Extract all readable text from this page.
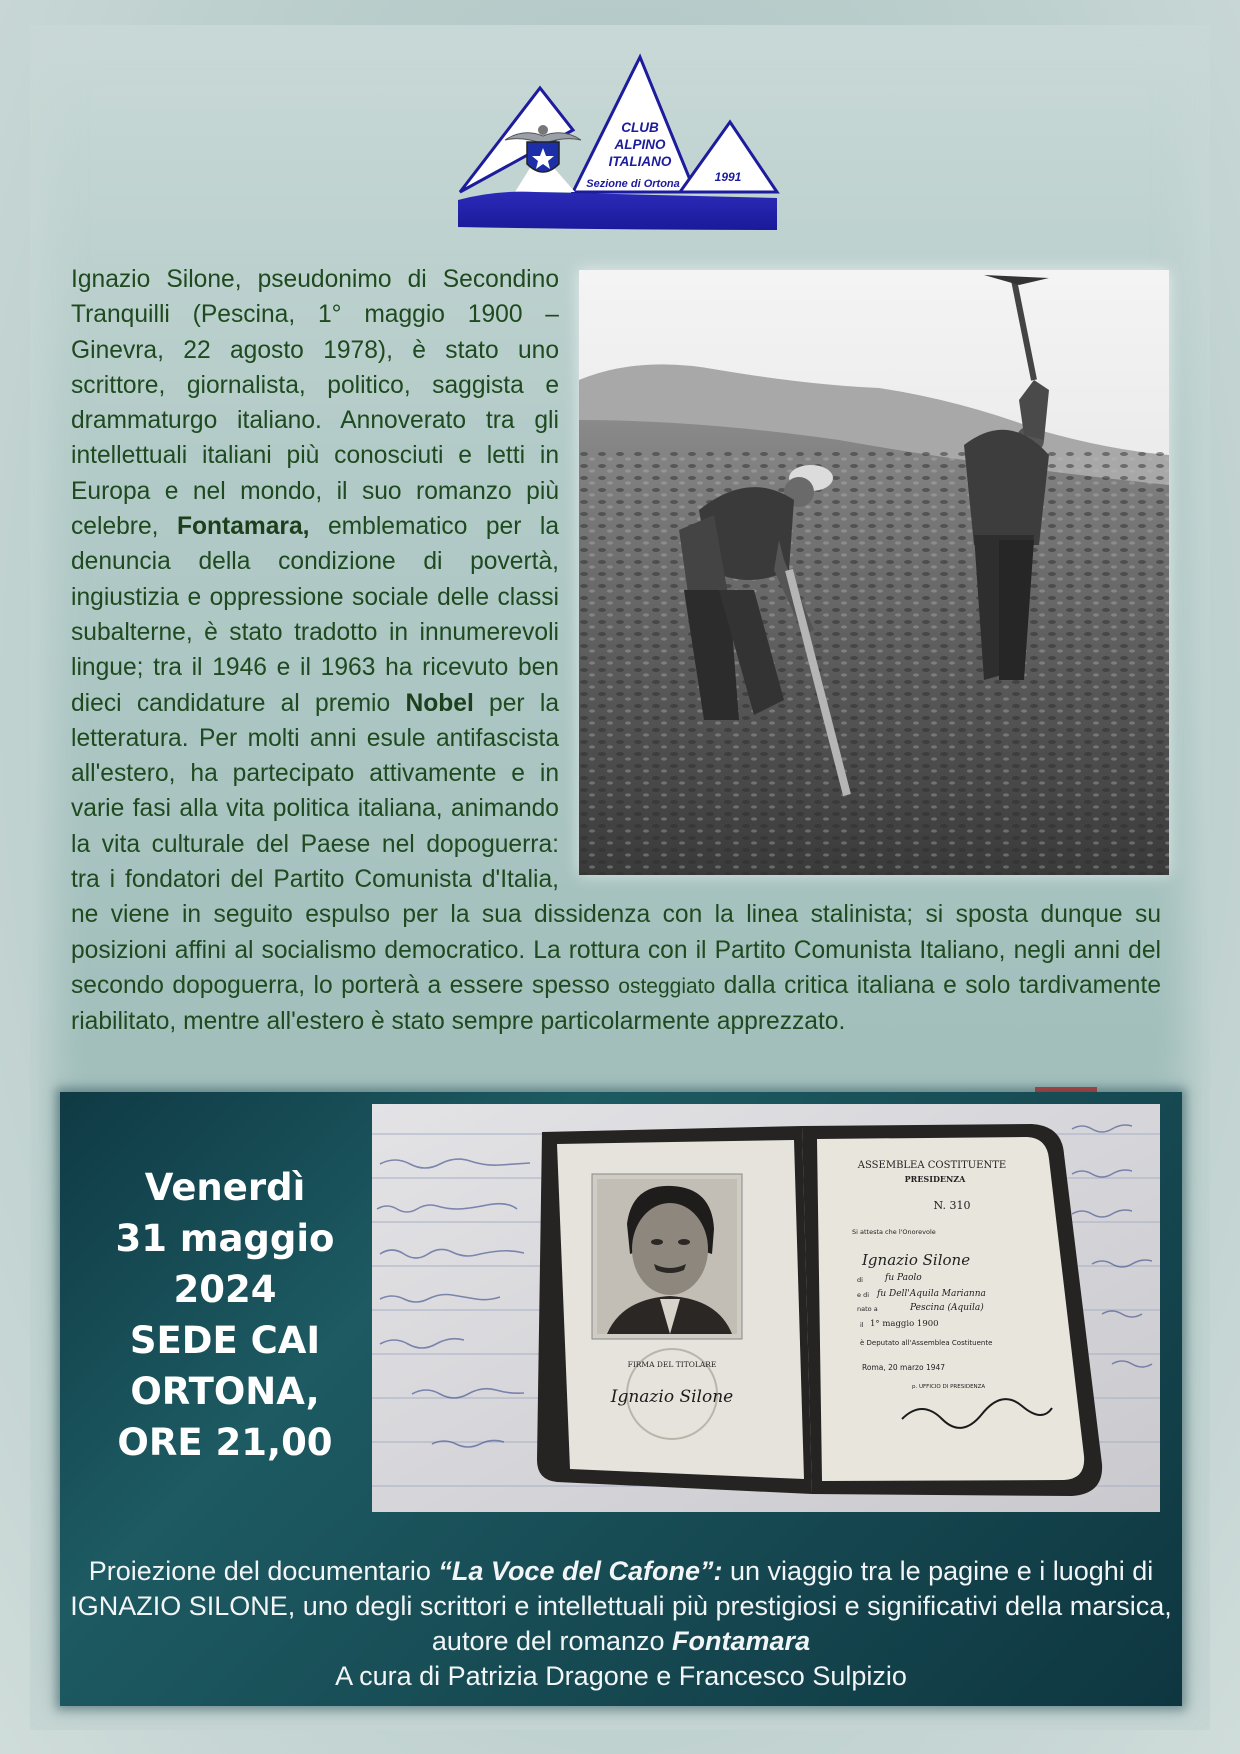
CLUB
ALPINO
ITALIANO
Sezione di Ortona	1991

Ignazio Silone, pseudonimo di Secondino Tranquilli (Pescina, 1° maggio 1900 – Ginevra, 22 agosto 1978), è stato uno scrittore, giornalista, politico, saggista e drammaturgo italiano. Annoverato tra gli intellettuali italiani più conosciuti e letti in Europa e nel mondo, il suo romanzo più celebre, Fontamara, emblematico per la denuncia della condizione di povertà, ingiustizia e oppressione sociale delle classi subalterne, è stato tradotto in innumerevoli lingue; tra il 1946 e il 1963 ha ricevuto ben dieci candidature al premio Nobel per la letteratura. Per molti anni esule antifascista all'estero, ha partecipato attivamente e in varie fasi alla vita politica italiana, animando la vita culturale del Paese nel dopoguerra: tra i fondatori del Partito Comunista d'Italia, ne viene in seguito espulso per la sua dissidenza con la linea stalinista; si sposta dunque su posizioni affini al socialismo democratico. La rottura con il Partito Comunista Italiano, negli anni del secondo dopoguerra, lo porterà a essere spesso osteggiato dalla critica italiana e solo tardivamente riabilitato, mentre all'estero è stato sempre particolarmente apprezzato.

Venerdì
31 maggio
2024
SEDE CAI
ORTONA,
ORE 21,00
FIRMA DEL TITOLARE
Ignazio Silone
ASSEMBLEA COSTITUENTE
PRESIDENZA
N. 310
Si attesta che l'Onorevole
Ignazio Silone
di fu Paolo
e di fu Dell'Aquila Marianna
nato a	Pescina (Aquila)
il 1° maggio 1900
è Deputato all'Assemblea Costituente
Roma, 20 marzo 1947
p. UFFICIO DI PRESIDENZA

Proiezione del documentario “La Voce del Cafone”: un viaggio tra le pagine e i luoghi di IGNAZIO SILONE, uno degli scrittori e intellettuali più prestigiosi e significativi della marsica, autore del romanzo Fontamara

A cura di Patrizia Dragone e Francesco Sulpizio
